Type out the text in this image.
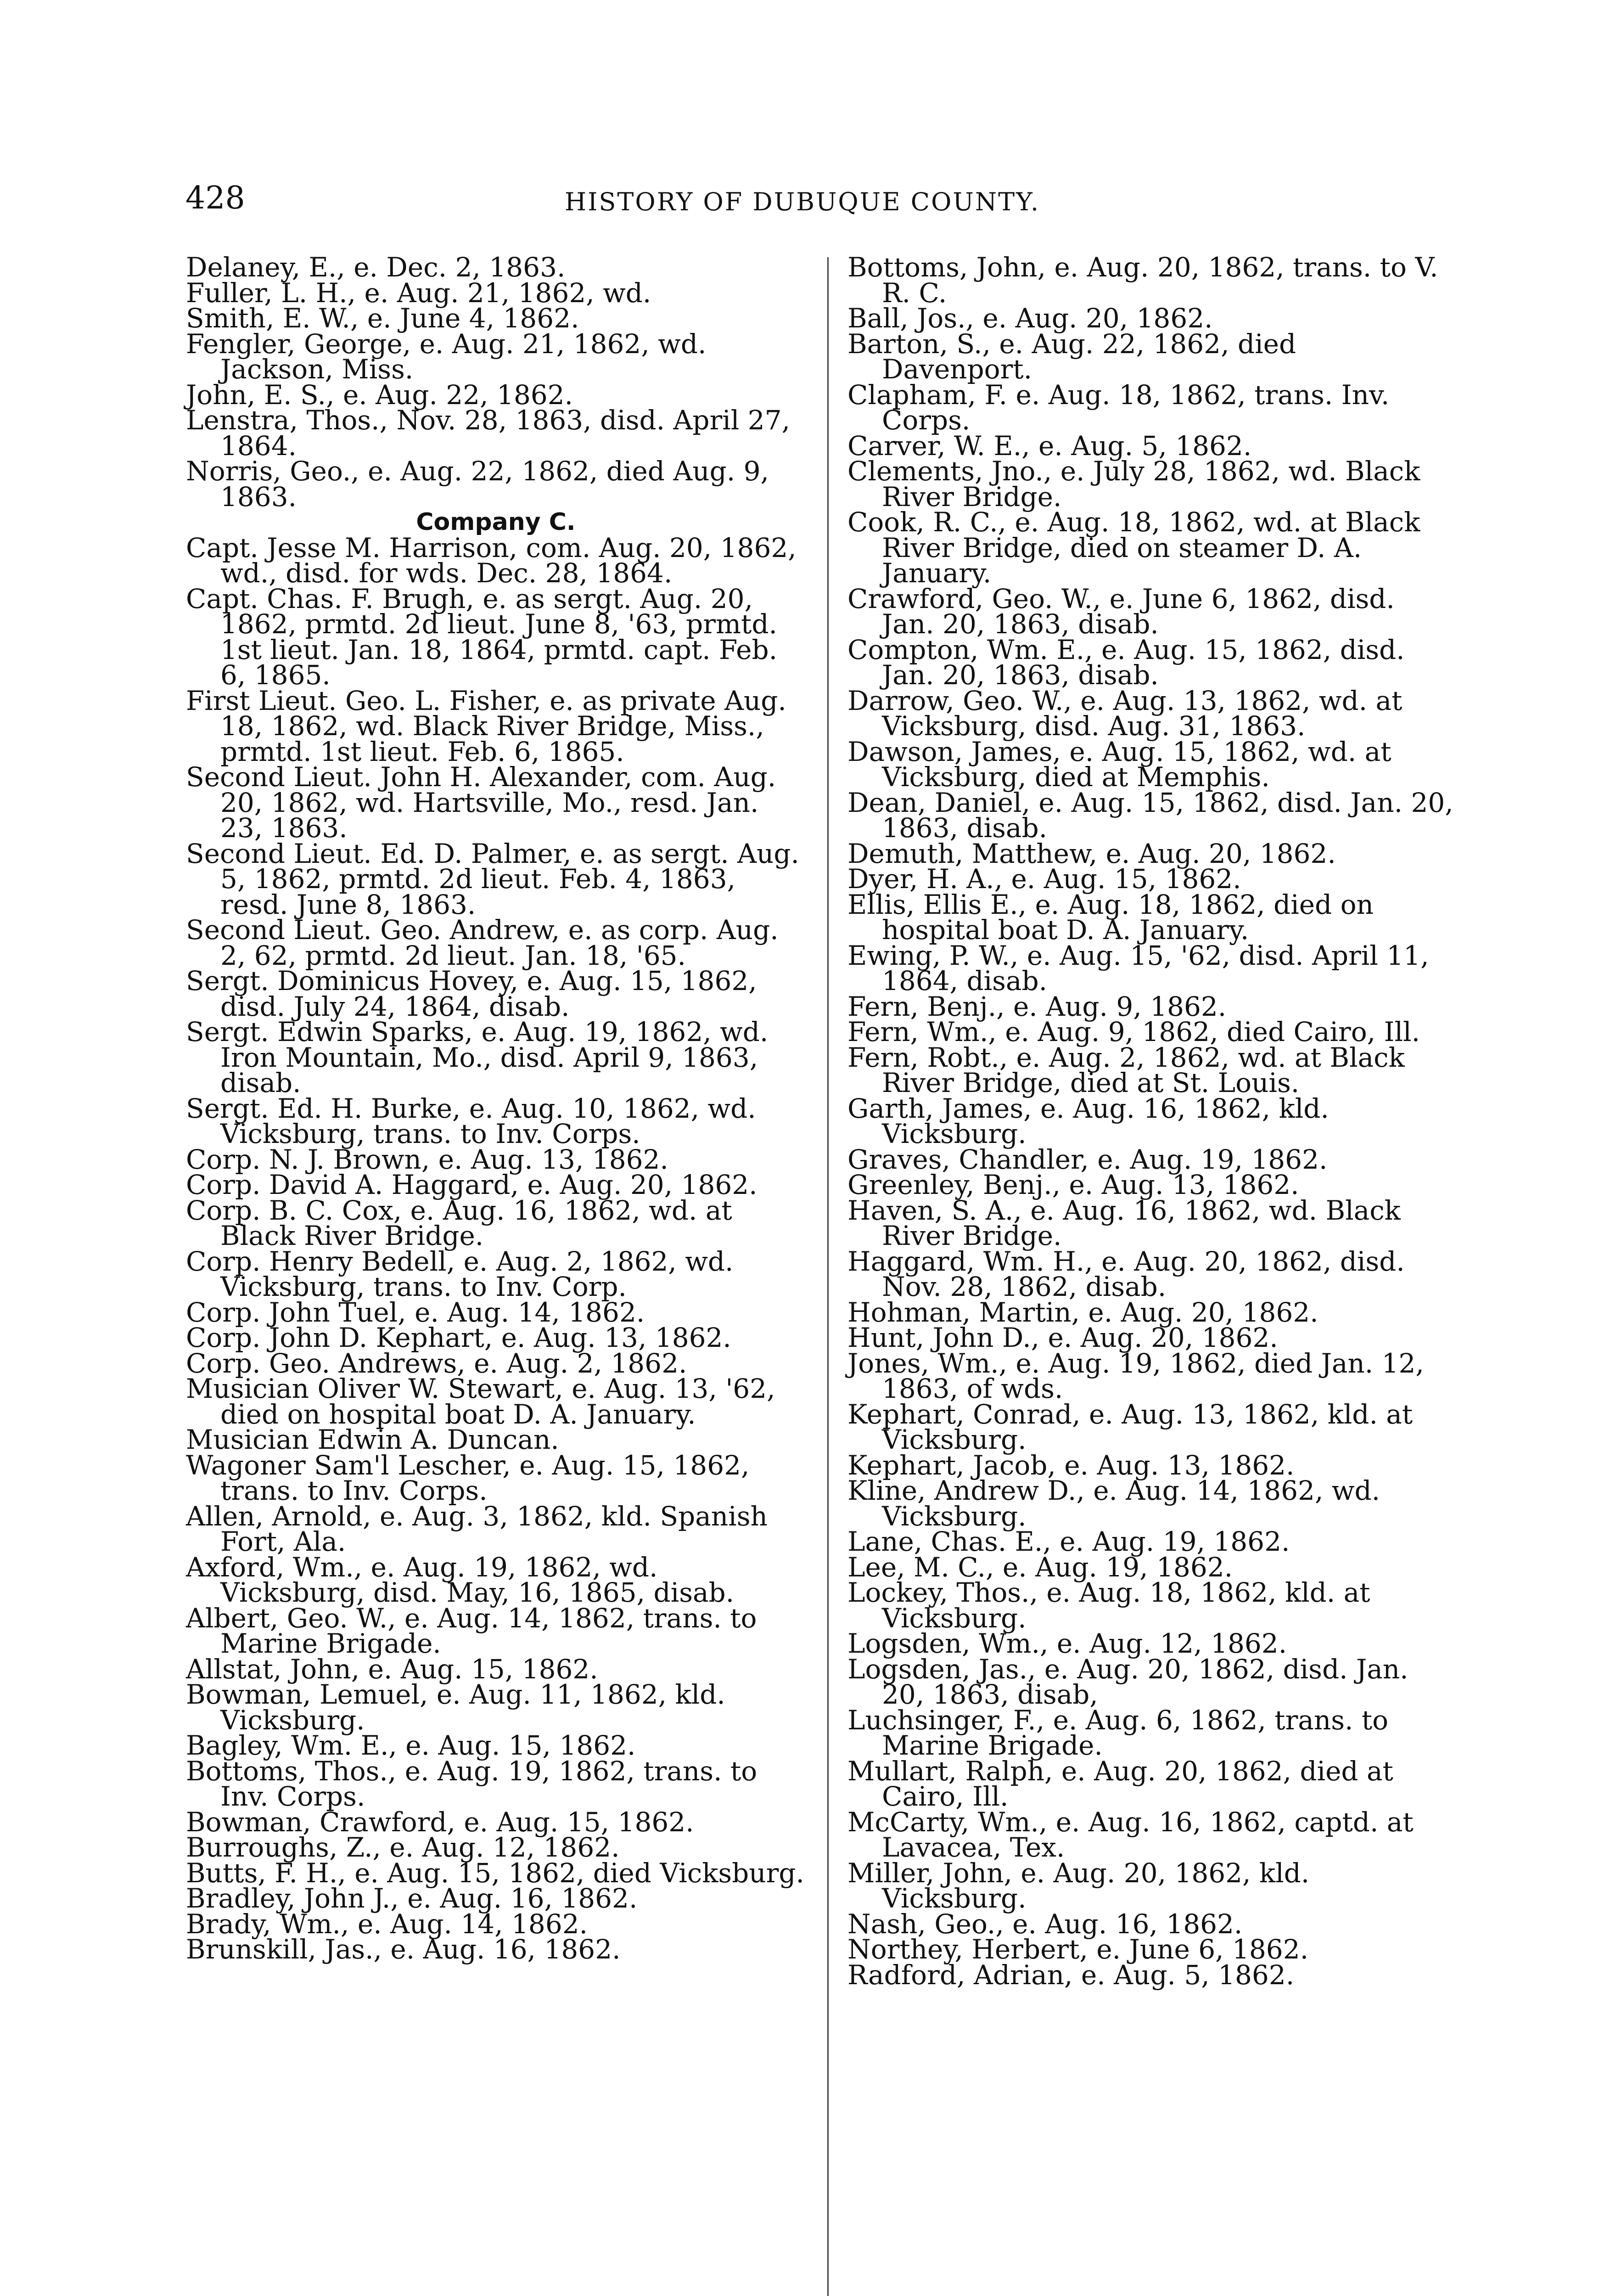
428	HISTORY OF DUBUQUE COUNTY.
Delaney, E., e. Dec. 2, 1863.
Fuller, L. H., e. Aug. 21, 1862, wd.
Smith, E. W., e. June 4, 1862.
Fengler, George, e. Aug. 21, 1862, wd. Jackson, Miss.
John, E. S., e. Aug. 22, 1862.
Lenstra, Thos., Nov. 28, 1863, disd. April 27, 1864.
Norris, Geo., e. Aug. 22, 1862, died Aug. 9, 1863.
Company C.
Capt. Jesse M. Harrison, com. Aug. 20, 1862, wd., disd. for wds. Dec. 28, 1864.
Capt. Chas. F. Brugh, e. as sergt. Aug. 20, 1862, prmtd. 2d lieut. June 8, '63, prmtd. 1st lieut. Jan. 18, 1864, prmtd. capt. Feb. 6, 1865.
First Lieut. Geo. L. Fisher, e. as private Aug. 18, 1862, wd. Black River Bridge, Miss., prmtd. 1st lieut. Feb. 6, 1865.
Second Lieut. John H. Alexander, com. Aug. 20, 1862, wd. Hartsville, Mo., resd. Jan. 23, 1863.
Second Lieut. Ed. D. Palmer, e. as sergt. Aug. 5, 1862, prmtd. 2d lieut. Feb. 4, 1863, resd. June 8, 1863.
Second Lieut. Geo. Andrew, e. as corp. Aug. 2, 62, prmtd. 2d lieut. Jan. 18, '65.
Sergt. Dominicus Hovey, e. Aug. 15, 1862, disd. July 24, 1864, disab.
Sergt. Edwin Sparks, e. Aug. 19, 1862, wd. Iron Mountain, Mo., disd. April 9, 1863, disab.
Sergt. Ed. H. Burke, e. Aug. 10, 1862, wd. Vicksburg, trans. to Inv. Corps.
Corp. N. J. Brown, e. Aug. 13, 1862.
Corp. David A. Haggard, e. Aug. 20, 1862.
Corp. B. C. Cox, e. Aug. 16, 1862, wd. at Black River Bridge.
Corp. Henry Bedell, e. Aug. 2, 1862, wd. Vicksburg, trans. to Inv. Corp.
Corp. John Tuel, e. Aug. 14, 1862.
Corp. John D. Kephart, e. Aug. 13, 1862.
Corp. Geo. Andrews, e. Aug. 2, 1862.
Musician Oliver W. Stewart, e. Aug. 13, '62, died on hospital boat D. A. January.
Musician Edwin A. Duncan.
Wagoner Sam'l Lescher, e. Aug. 15, 1862, trans. to Inv. Corps.
Allen, Arnold, e. Aug. 3, 1862, kld. Spanish Fort, Ala.
Axford, Wm., e. Aug. 19, 1862, wd. Vicksburg, disd. May, 16, 1865, disab.
Albert, Geo. W., e. Aug. 14, 1862, trans. to Marine Brigade.
Allstat, John, e. Aug. 15, 1862.
Bowman, Lemuel, e. Aug. 11, 1862, kld. Vicksburg.
Bagley, Wm. E., e. Aug. 15, 1862.
Bottoms, Thos., e. Aug. 19, 1862, trans. to Inv. Corps.
Bowman, Crawford, e. Aug. 15, 1862.
Burroughs, Z., e. Aug. 12, 1862.
Butts, F. H., e. Aug. 15, 1862, died Vicksburg.
Bradley, John J., e. Aug. 16, 1862.
Brady, Wm., e. Aug. 14, 1862.
Brunskill, Jas., e. Aug. 16, 1862.
Bottoms, John, e. Aug. 20, 1862, trans. to V. R. C.
Ball, Jos., e. Aug. 20, 1862.
Barton, S., e. Aug. 22, 1862, died Davenport.
Clapham, F. e. Aug. 18, 1862, trans. Inv. Corps.
Carver, W. E., e. Aug. 5, 1862.
Clements, Jno., e. July 28, 1862, wd. Black River Bridge.
Cook, R. C., e. Aug. 18, 1862, wd. at Black River Bridge, died on steamer D. A. January.
Crawford, Geo. W., e. June 6, 1862, disd. Jan. 20, 1863, disab.
Compton, Wm. E., e. Aug. 15, 1862, disd. Jan. 20, 1863, disab.
Darrow, Geo. W., e. Aug. 13, 1862, wd. at Vicksburg, disd. Aug. 31, 1863.
Dawson, James, e. Aug. 15, 1862, wd. at Vicksburg, died at Memphis.
Dean, Daniel, e. Aug. 15, 1862, disd. Jan. 20, 1863, disab.
Demuth, Matthew, e. Aug. 20, 1862.
Dyer, H. A., e. Aug. 15, 1862.
Ellis, Ellis E., e. Aug. 18, 1862, died on hospital boat D. A. January.
Ewing, P. W., e. Aug. 15, '62, disd. April 11, 1864, disab.
Fern, Benj., e. Aug. 9, 1862.
Fern, Wm., e. Aug. 9, 1862, died Cairo, Ill.
Fern, Robt., e. Aug. 2, 1862, wd. at Black River Bridge, died at St. Louis.
Garth, James, e. Aug. 16, 1862, kld. Vicksburg.
Graves, Chandler, e. Aug. 19, 1862.
Greenley, Benj., e. Aug. 13, 1862.
Haven, S. A., e. Aug. 16, 1862, wd. Black River Bridge.
Haggard, Wm. H., e. Aug. 20, 1862, disd. Nov. 28, 1862, disab.
Hohman, Martin, e. Aug. 20, 1862.
Hunt, John D., e. Aug. 20, 1862.
Jones, Wm., e. Aug. 19, 1862, died Jan. 12, 1863, of wds.
Kephart, Conrad, e. Aug. 13, 1862, kld. at Vicksburg.
Kephart, Jacob, e. Aug. 13, 1862.
Kline, Andrew D., e. Aug. 14, 1862, wd. Vicksburg.
Lane, Chas. E., e. Aug. 19, 1862.
Lee, M. C., e. Aug. 19, 1862.
Lockey, Thos., e. Aug. 18, 1862, kld. at Vicksburg.
Logsden, Wm., e. Aug. 12, 1862.
Logsden, Jas., e. Aug. 20, 1862, disd. Jan. 20, 1863, disab,
Luchsinger, F., e. Aug. 6, 1862, trans. to Marine Brigade.
Mullart, Ralph, e. Aug. 20, 1862, died at Cairo, Ill.
McCarty, Wm., e. Aug. 16, 1862, captd. at Lavacea, Tex.
Miller, John, e. Aug. 20, 1862, kld. Vicksburg.
Nash, Geo., e. Aug. 16, 1862.
Northey, Herbert, e. June 6, 1862.
Radford, Adrian, e. Aug. 5, 1862.
